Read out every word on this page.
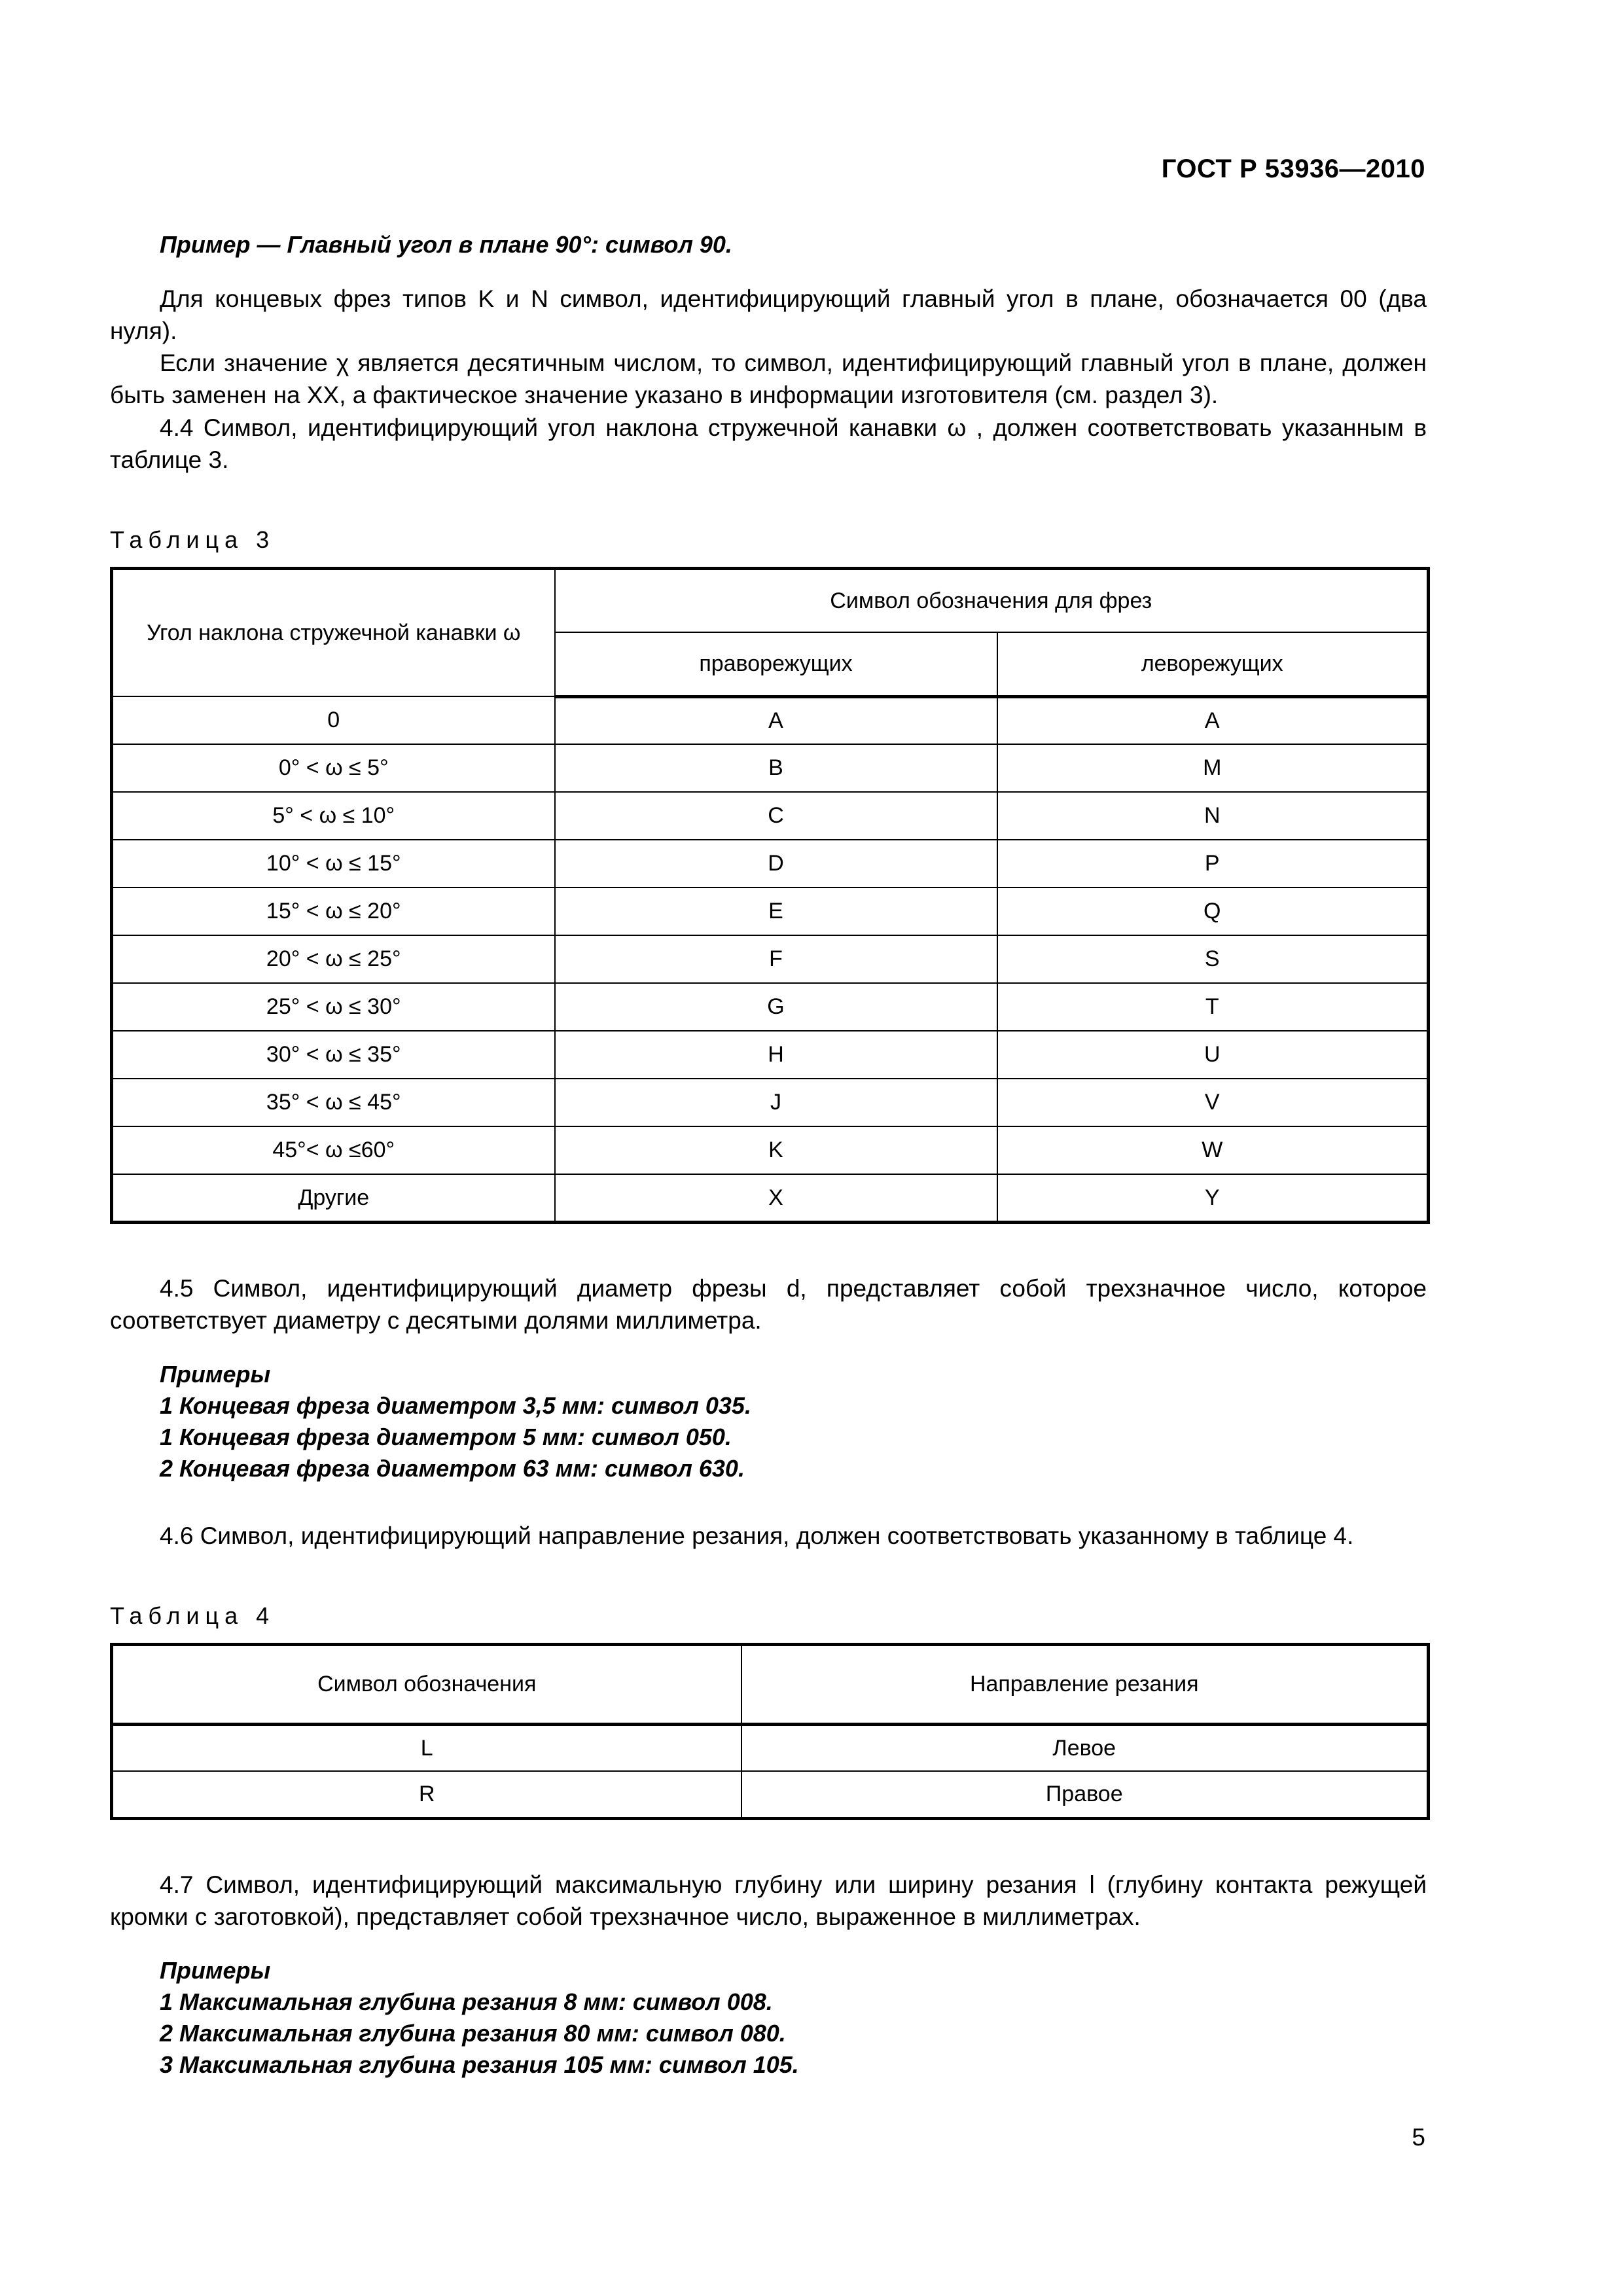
ГОСТ Р 53936—2010

Пример — Главный угол в плане 90°: символ 90.

Для концевых фрез типов K и N символ, идентифицирующий главный угол в плане, обозначается 00 (два нуля).

Если значение χ является десятичным числом, то символ, идентифицирующий главный угол в плане, должен быть заменен на XX, а фактическое значение указано в информации изготовителя (см. раздел 3).

4.4 Символ, идентифицирующий угол наклона стружечной канавки ω , должен соответствовать указанным в таблице 3.

Таблица 3

Угол наклона стружечной канавки ω	Символ обозначения для фрез	
	праворежущих	леворежущих
0	A	A
0° < ω ≤ 5°	B	M
5° < ω ≤ 10°	C	N
10° < ω ≤ 15°	D	P
15° < ω ≤ 20°	E	Q
20° < ω ≤ 25°	F	S
25° < ω ≤ 30°	G	T
30° < ω ≤ 35°	H	U
35° < ω ≤ 45°	J	V
45°< ω ≤60°	K	W
Другие	X	Y

4.5 Символ, идентифицирующий диаметр фрезы d, представляет собой трехзначное число, которое соответствует диаметру с десятыми долями миллиметра.

Примеры

1 Концевая фреза диаметром 3,5 мм: символ 035.

1 Концевая фреза диаметром 5 мм: символ 050.

2 Концевая фреза диаметром 63 мм: символ 630.

4.6 Символ, идентифицирующий направление резания, должен соответствовать указанному в таблице 4.

Таблица 4

Символ обозначения	Направление резания
L	Левое
R	Правое

4.7 Символ, идентифицирующий максимальную глубину или ширину резания l (глубину контакта режущей кромки с заготовкой), представляет собой трехзначное число, выраженное в миллиметрах.

Примеры

1 Максимальная глубина резания 8 мм: символ 008.

2 Максимальная глубина резания 80 мм: символ 080.

3 Максимальная глубина резания 105 мм: символ 105.

5
